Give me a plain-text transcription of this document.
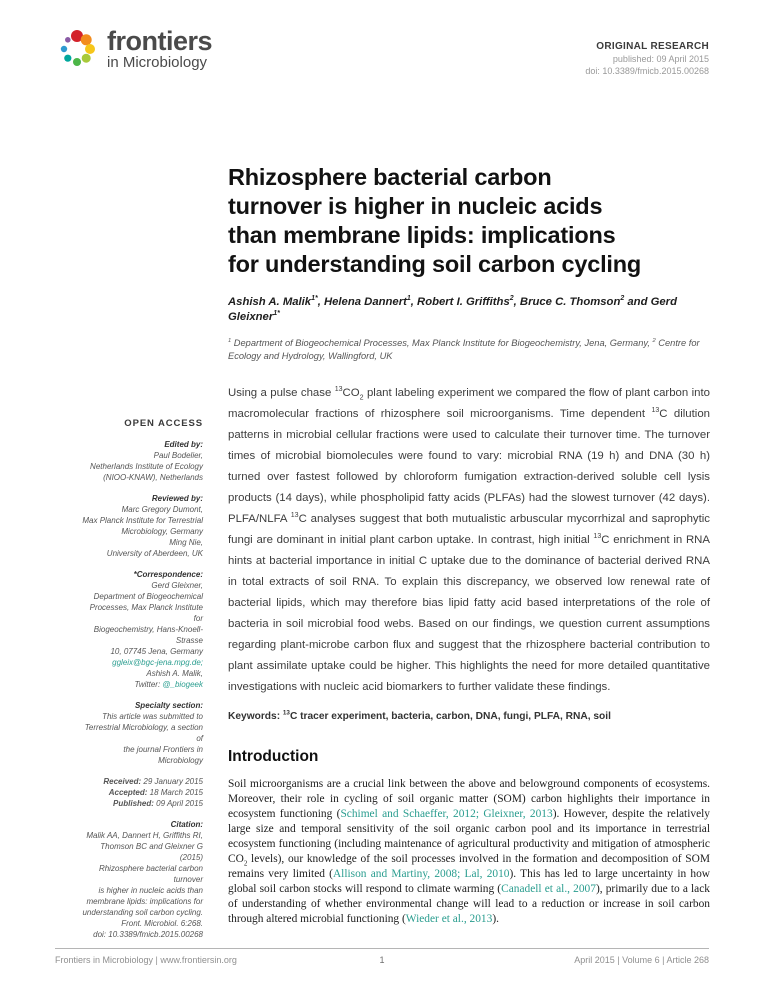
frontiers
in Microbiology
ORIGINAL RESEARCH
published: 09 April 2015
doi: 10.3389/fmicb.2015.00268
OPEN ACCESS
Edited by:
Paul Bodelier,
Netherlands Institute of Ecology
(NIOO-KNAW), Netherlands
Reviewed by:
Marc Gregory Dumont,
Max Planck Institute for Terrestrial
Microbiology, Germany
Ming Nie,
University of Aberdeen, UK
*Correspondence:
Gerd Gleixner,
Department of Biogeochemical
Processes, Max Planck Institute for
Biogeochemistry, Hans-Knoell-Strasse
10, 07745 Jena, Germany
ggleix@bgc-jena.mpg.de;
Ashish A. Malik,
Twitter: @_biogeek
Specialty section:
This article was submitted to
Terrestrial Microbiology, a section of
the journal Frontiers in Microbiology
Received: 29 January 2015
Accepted: 18 March 2015
Published: 09 April 2015
Citation:
Malik AA, Dannert H, Griffiths RI,
Thomson BC and Gleixner G (2015)
Rhizosphere bacterial carbon turnover
is higher in nucleic acids than
membrane lipids: implications for
understanding soil carbon cycling.
Front. Microbiol. 6:268.
doi: 10.3389/fmicb.2015.00268
Rhizosphere bacterial carbon
turnover is higher in nucleic acids
than membrane lipids: implications
for understanding soil carbon cycling
Ashish A. Malik$^{1*}$, Helena Dannert$^1$, Robert I. Griffiths$^2$, Bruce C. Thomson$^2$ and Gerd Gleixner$^{1*}$
$^1$ Department of Biogeochemical Processes, Max Planck Institute for Biogeochemistry, Jena, Germany, $^2$ Centre for Ecology and Hydrology, Wallingford, UK
Using a pulse chase $^{13}CO_2$ plant labeling experiment we compared the flow of plant carbon into macromolecular fractions of rhizosphere soil microorganisms. Time dependent $^{13}$C dilution patterns in microbial cellular fractions were used to calculate their turnover time. The turnover times of microbial biomolecules were found to vary: microbial RNA (19 h) and DNA (30 h) turned over fastest followed by chloroform fumigation extraction-derived soluble cell lysis products (14 days), while phospholipid fatty acids (PLFAs) had the slowest turnover (42 days). PLFA/NLFA $^{13}$C analyses suggest that both mutualistic arbuscular mycorrhizal and saprophytic fungi are dominant in initial plant carbon uptake. In contrast, high initial $^{13}$C enrichment in RNA hints at bacterial importance in initial C uptake due to the dominance of bacterial derived RNA in total extracts of soil RNA. To explain this discrepancy, we observed low renewal rate of bacterial lipids, which may therefore bias lipid fatty acid based interpretations of the role of bacteria in soil microbial food webs. Based on our findings, we question current assumptions regarding plant-microbe carbon flux and suggest that the rhizosphere bacterial contribution to plant assimilate uptake could be higher. This highlights the need for more detailed quantitative investigations with nucleic acid biomarkers to further validate these findings.
Keywords: $^{13}$C tracer experiment, bacteria, carbon, DNA, fungi, PLFA, RNA, soil
Introduction
Soil microorganisms are a crucial link between the above and belowground components of ecosystems. Moreover, their role in cycling of soil organic matter (SOM) carbon highlights their importance in ecosystem functioning (Schimel and Schaeffer, 2012; Gleixner, 2013). However, despite the relatively large size and temporal sensitivity of the soil organic carbon pool and its importance in terrestrial ecosystem functioning (including maintenance of agricultural productivity and mitigation of atmospheric $CO_2$ levels), our knowledge of the soil processes involved in the formation and decomposition of SOM remains very limited (Allison and Martiny, 2008; Lal, 2010). This has led to large uncertainty in how global soil carbon stocks will respond to climate warming (Canadell et al., 2007), primarily due to a lack of understanding of whether environmental change will lead to a reduction or increase in soil carbon through altered microbial functioning (Wieder et al., 2013).
Frontiers in Microbiology | www.frontiersin.org	1	April 2015 | Volume 6 | Article 268
